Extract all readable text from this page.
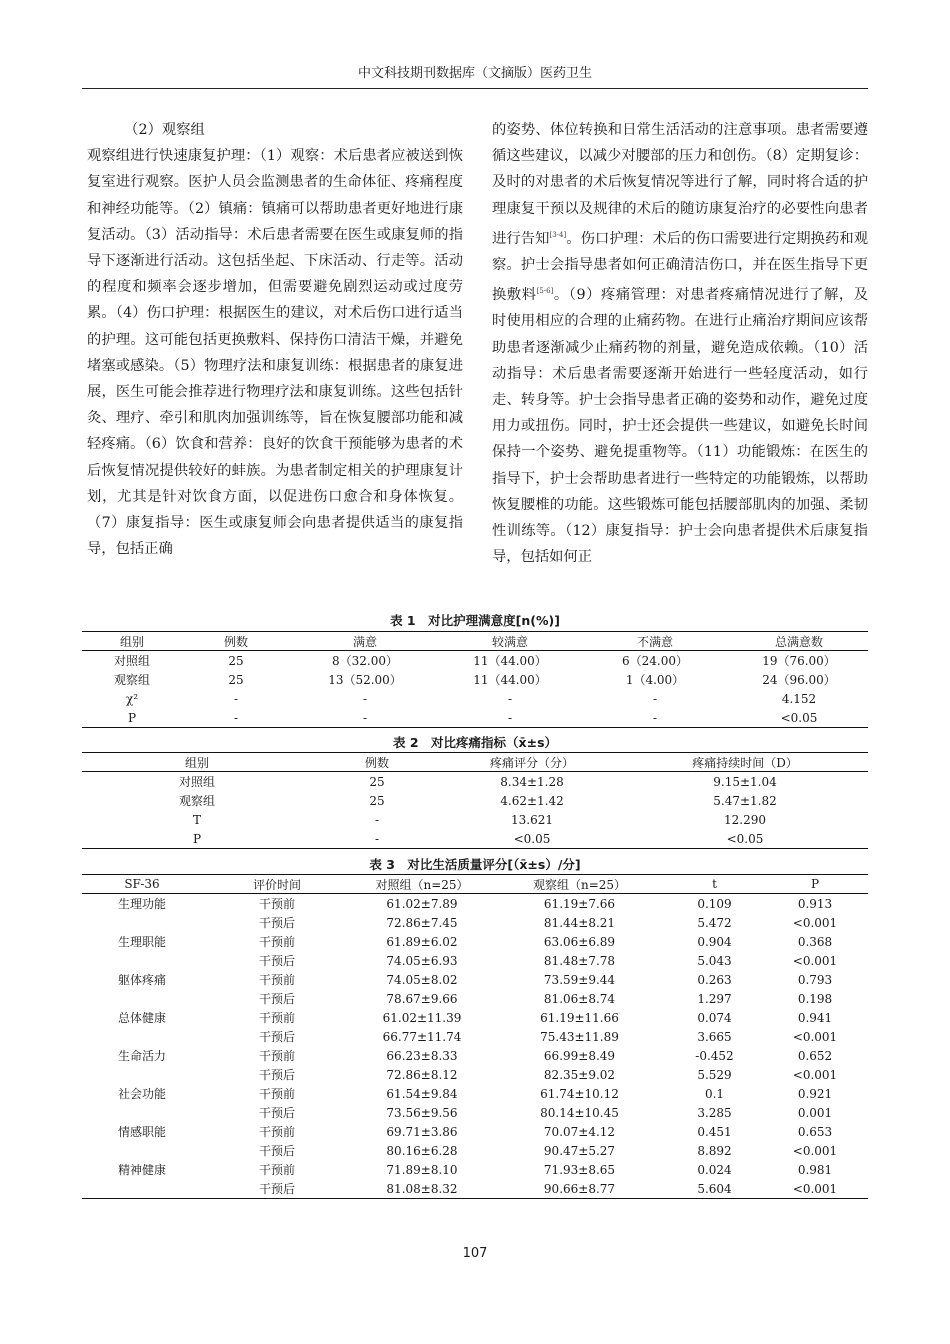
中文科技期刊数据库（文摘版）医药卫生

（2）观察组

观察组进行快速康复护理：（1）观察：术后患者应被送到恢复室进行观察。医护人员会监测患者的生命体征、疼痛程度和神经功能等。（2）镇痛：镇痛可以帮助患者更好地进行康复活动。（3）活动指导：术后患者需要在医生或康复师的指导下逐渐进行活动。这包括坐起、下床活动、行走等。活动的程度和频率会逐步增加，但需要避免剧烈运动或过度劳累。（4）伤口护理：根据医生的建议，对术后伤口进行适当的护理。这可能包括更换敷料、保持伤口清洁干燥，并避免堵塞或感染。（5）物理疗法和康复训练：根据患者的康复进展，医生可能会推荐进行物理疗法和康复训练。这些包括针灸、理疗、牵引和肌肉加强训练等，旨在恢复腰部功能和减轻疼痛。（6）饮食和营养：良好的饮食干预能够为患者的术后恢复情况提供较好的蚌族。为患者制定相关的护理康复计划，尤其是针对饮食方面，以促进伤口愈合和身体恢复。（7）康复指导：医生或康复师会向患者提供适当的康复指导，包括正确

的姿势、体位转换和日常生活活动的注意事项。患者需要遵循这些建议，以减少对腰部的压力和创伤。（8）定期复诊：及时的对患者的术后恢复情况等进行了解，同时将合适的护理康复干预以及规律的术后的随访康复治疗的必要性向患者进行告知[3-4]。伤口护理：术后的伤口需要进行定期换药和观察。护士会指导患者如何正确清洁伤口，并在医生指导下更换敷料[5-6]。（9）疼痛管理：对患者疼痛情况进行了解，及时使用相应的合理的止痛药物。在进行止痛治疗期间应该帮助患者逐渐减少止痛药物的剂量，避免造成依赖。（10）活动指导：术后患者需要逐渐开始进行一些轻度活动，如行走、转身等。护士会指导患者正确的姿势和动作，避免过度用力或扭伤。同时，护士还会提供一些建议，如避免长时间保持一个姿势、避免提重物等。（11）功能锻炼：在医生的指导下，护士会帮助患者进行一些特定的功能锻炼，以帮助恢复腰椎的功能。这些锻炼可能包括腰部肌肉的加强、柔韧性训练等。（12）康复指导：护士会向患者提供术后康复指导，包括如何正

表 1　对比护理满意度[n(%)]
组别	例数	满意	较满意	不满意	总满意数
对照组	25	8（32.00）	11（44.00）	6（24.00）	19（76.00）
观察组	25	13（52.00）	11（44.00）	1（4.00）	24（96.00）
χ²	-	-	-	-	4.152
P	-	-	-	-	<0.05
表 2　对比疼痛指标（x̄±s）
组别	例数	疼痛评分（分）	疼痛持续时间（D）
对照组	25	8.34±1.28	9.15±1.04
观察组	25	4.62±1.42	5.47±1.82
T	-	13.621	12.290
P	-	<0.05	<0.05
表 3　对比生活质量评分[（x̄±s）/分]
SF-36	评价时间	对照组（n=25）	观察组（n=25）	t	P
生理功能	干预前	61.02±7.89	61.19±7.66	0.109	0.913
	干预后	72.86±7.45	81.44±8.21	5.472	<0.001
生理职能	干预前	61.89±6.02	63.06±6.89	0.904	0.368
	干预后	74.05±6.93	81.48±7.78	5.043	<0.001
躯体疼痛	干预前	74.05±8.02	73.59±9.44	0.263	0.793
	干预后	78.67±9.66	81.06±8.74	1.297	0.198
总体健康	干预前	61.02±11.39	61.19±11.66	0.074	0.941
	干预后	66.77±11.74	75.43±11.89	3.665	<0.001
生命活力	干预前	66.23±8.33	66.99±8.49	-0.452	0.652
	干预后	72.86±8.12	82.35±9.02	5.529	<0.001
社会功能	干预前	61.54±9.84	61.74±10.12	0.1	0.921
	干预后	73.56±9.56	80.14±10.45	3.285	0.001
情感职能	干预前	69.71±3.86	70.07±4.12	0.451	0.653
	干预后	80.16±6.28	90.47±5.27	8.892	<0.001
精神健康	干预前	71.89±8.10	71.93±8.65	0.024	0.981
	干预后	81.08±8.32	90.66±8.77	5.604	<0.001
107
